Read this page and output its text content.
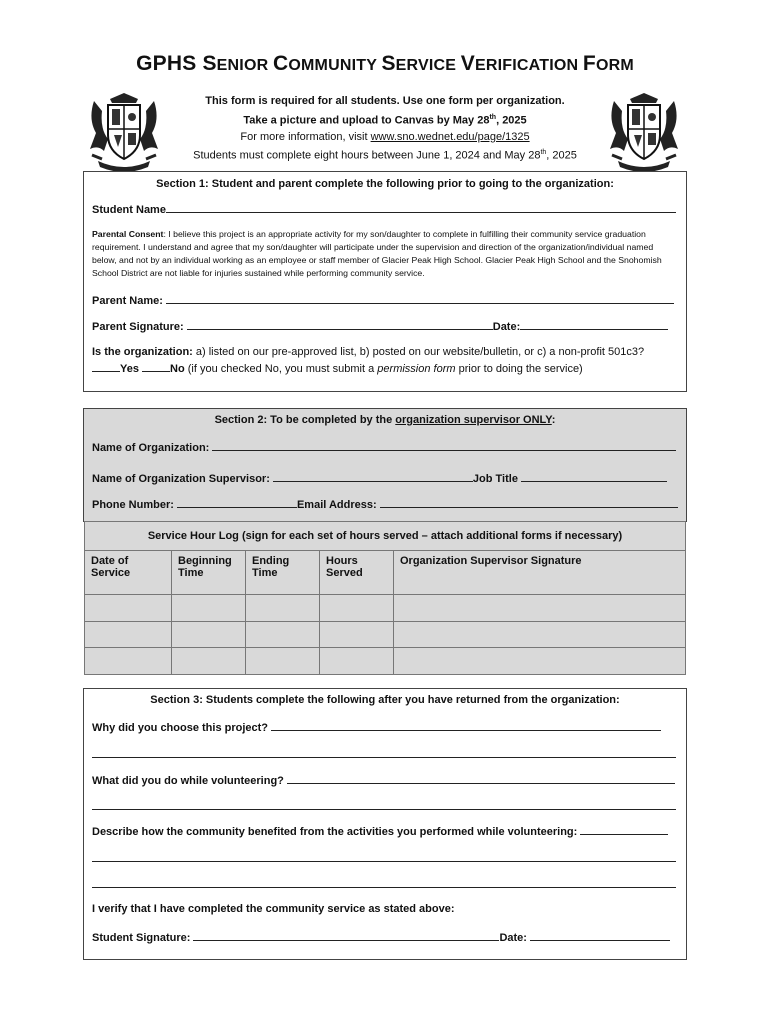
GPHS SENIOR COMMUNITY SERVICE VERIFICATION FORM
This form is required for all students. Use one form per organization.
Take a picture and upload to Canvas by May 28th, 2025
For more information, visit www.sno.wednet.edu/page/1325
Students must complete eight hours between June 1, 2024 and May 28th, 2025
Section 1: Student and parent complete the following prior to going to the organization:
Student Name
Parental Consent: I believe this project is an appropriate activity for my son/daughter to complete in fulfilling their community service graduation requirement. I understand and agree that my son/daughter will participate under the supervision and direction of the organization/individual named below, and not by an individual working as an employee or staff member of Glacier Peak High School. Glacier Peak High School and the Snohomish School District are not liable for injuries sustained while performing community service.
Parent Name:
Parent Signature:	Date:
Is the organization: a) listed on our pre-approved list, b) posted on our website/bulletin, or c) a non-profit 501c3?
Yes	No (if you checked No, you must submit a permission form prior to doing the service)
Section 2: To be completed by the organization supervisor ONLY:
Name of Organization:
Name of Organization Supervisor:	Job Title
Phone Number:	Email Address:
Service Hour Log (sign for each set of hours served – attach additional forms if necessary)				
Date of Service	Beginning Time	Ending Time	Hours Served	Organization Supervisor Signature

Section 3: Students complete the following after you have returned from the organization:
Why did you choose this project?
What did you do while volunteering?
Describe how the community benefited from the activities you performed while volunteering:
I verify that I have completed the community service as stated above:
Student Signature:	Date:
